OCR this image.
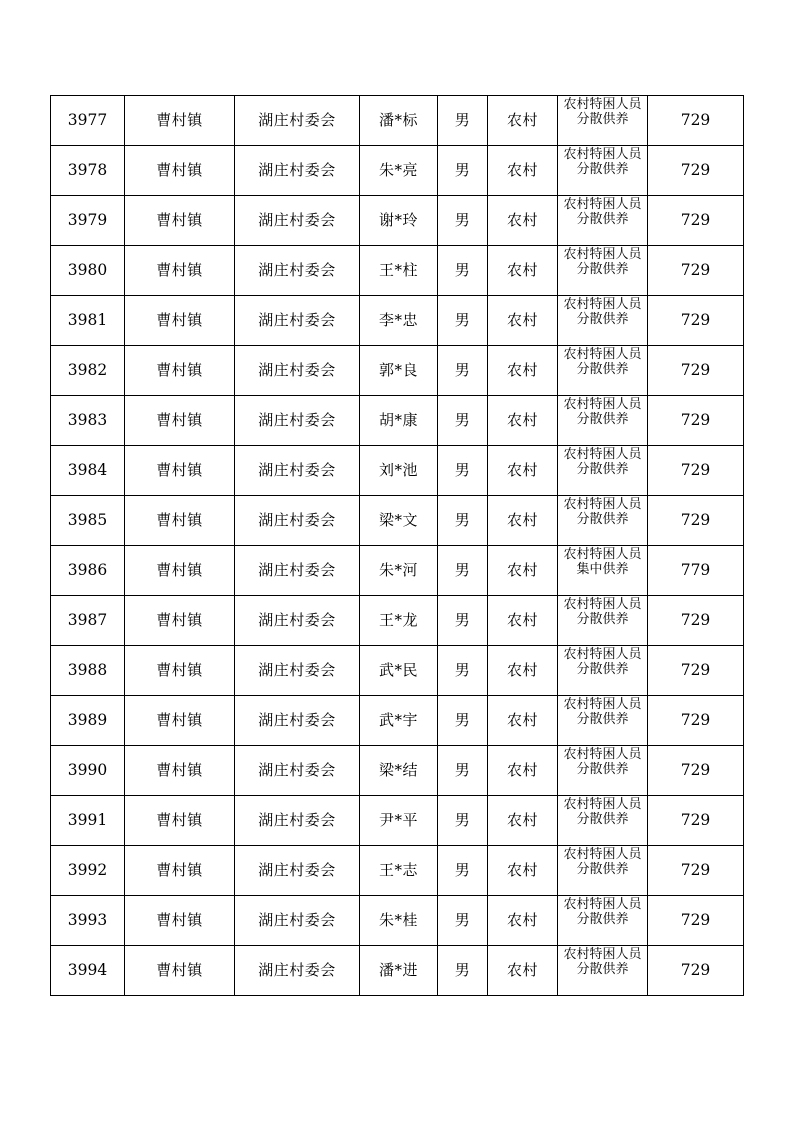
3977	曹村镇	湖庄村委会	潘*标	男	农村	农村特困人员分散供养	729
3978	曹村镇	湖庄村委会	朱*亮	男	农村	农村特困人员分散供养	729
3979	曹村镇	湖庄村委会	谢*玲	男	农村	农村特困人员分散供养	729
3980	曹村镇	湖庄村委会	王*柱	男	农村	农村特困人员分散供养	729
3981	曹村镇	湖庄村委会	李*忠	男	农村	农村特困人员分散供养	729
3982	曹村镇	湖庄村委会	郭*良	男	农村	农村特困人员分散供养	729
3983	曹村镇	湖庄村委会	胡*康	男	农村	农村特困人员分散供养	729
3984	曹村镇	湖庄村委会	刘*池	男	农村	农村特困人员分散供养	729
3985	曹村镇	湖庄村委会	梁*文	男	农村	农村特困人员分散供养	729
3986	曹村镇	湖庄村委会	朱*河	男	农村	农村特困人员集中供养	779
3987	曹村镇	湖庄村委会	王*龙	男	农村	农村特困人员分散供养	729
3988	曹村镇	湖庄村委会	武*民	男	农村	农村特困人员分散供养	729
3989	曹村镇	湖庄村委会	武*宇	男	农村	农村特困人员分散供养	729
3990	曹村镇	湖庄村委会	梁*结	男	农村	农村特困人员分散供养	729
3991	曹村镇	湖庄村委会	尹*平	男	农村	农村特困人员分散供养	729
3992	曹村镇	湖庄村委会	王*志	男	农村	农村特困人员分散供养	729
3993	曹村镇	湖庄村委会	朱*桂	男	农村	农村特困人员分散供养	729
3994	曹村镇	湖庄村委会	潘*进	男	农村	农村特困人员分散供养	729
